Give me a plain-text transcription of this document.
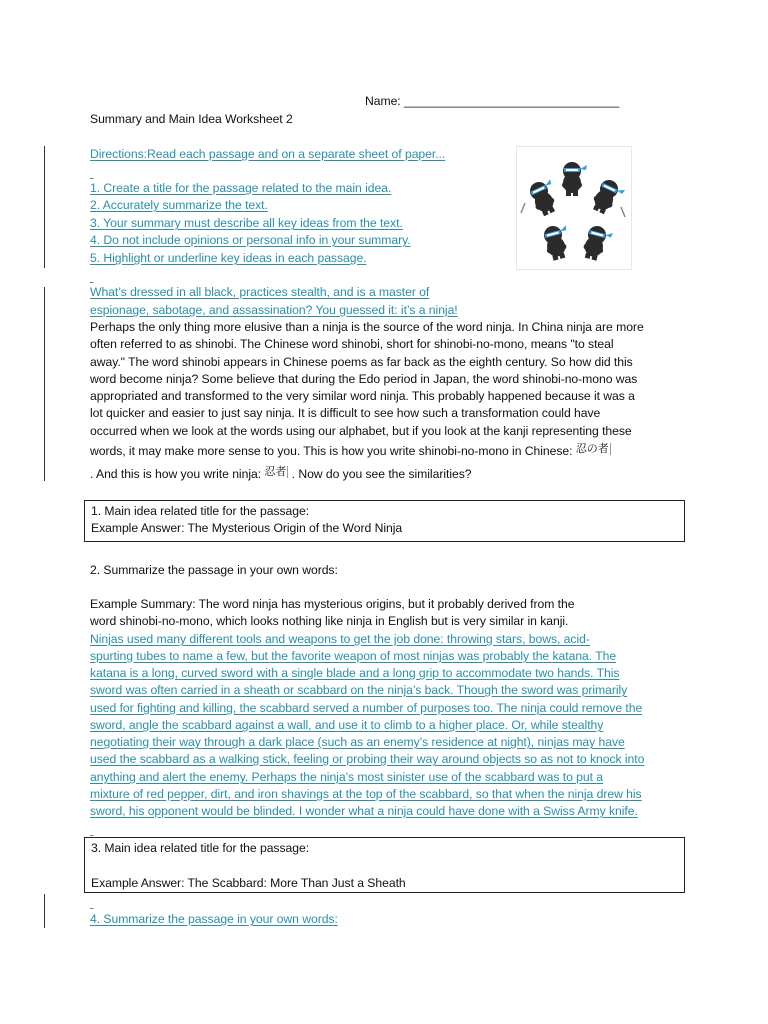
Name: ________________________________
Summary and Main Idea Worksheet 2
Directions:Read each passage and on a separate sheet of paper...

1. Create a title for the passage related to the main idea.
2. Accurately summarize the text.
3. Your summary must describe all key ideas from the text.
4. Do not include opinions or personal info in your summary.
5. Highlight or underline key ideas in each passage.

What’s dressed in all black, practices stealth, and is a master of
espionage, sabotage, and assassination? You guessed it: it’s a ninja!
Perhaps the only thing more elusive than a ninja is the source of the word ninja. In China ninja are more
often referred to as shinobi. The Chinese word shinobi, short for shinobi-no-mono, means "to steal
away." The word shinobi appears in Chinese poems as far back as the eighth century. So how did this
word become ninja? Some believe that during the Edo period in Japan, the word shinobi-no-mono was
appropriated and transformed to the very similar word ninja. This probably happened because it was a
lot quicker and easier to just say ninja. It is difficult to see how such a transformation could have
occurred when we look at the words using our alphabet, but if you look at the kanji representing these
words, it may make more sense to you. This is how you write shinobi-no-mono in Chinese: 忍の者
. And this is how you write ninja: 忍者 . Now do you see the similarities?
1. Main idea related title for the passage:
Example Answer: The Mysterious Origin of the Word Ninja
2. Summarize the passage in your own words:
Example Summary: The word ninja has mysterious origins, but it probably derived from the
word shinobi-no-mono, which looks nothing like ninja in English but is very similar in kanji.
Ninjas used many different tools and weapons to get the job done: throwing stars, bows, acid-
spurting tubes to name a few, but the favorite weapon of most ninjas was probably the katana. The
katana is a long, curved sword with a single blade and a long grip to accommodate two hands. This
sword was often carried in a sheath or scabbard on the ninja’s back. Though the sword was primarily
used for fighting and killing, the scabbard served a number of purposes too. The ninja could remove the
sword, angle the scabbard against a wall, and use it to climb to a higher place. Or, while stealthy
negotiating their way through a dark place (such as an enemy’s residence at night), ninjas may have
used the scabbard as a walking stick, feeling or probing their way around objects so as not to knock into
anything and alert the enemy. Perhaps the ninja’s most sinister use of the scabbard was to put a
mixture of red pepper, dirt, and iron shavings at the top of the scabbard, so that when the ninja drew his
sword, his opponent would be blinded. I wonder what a ninja could have done with a Swiss Army knife.

3. Main idea related title for the passage:
Example Answer: The Scabbard: More Than Just a Sheath

4. Summarize the passage in your own words:
